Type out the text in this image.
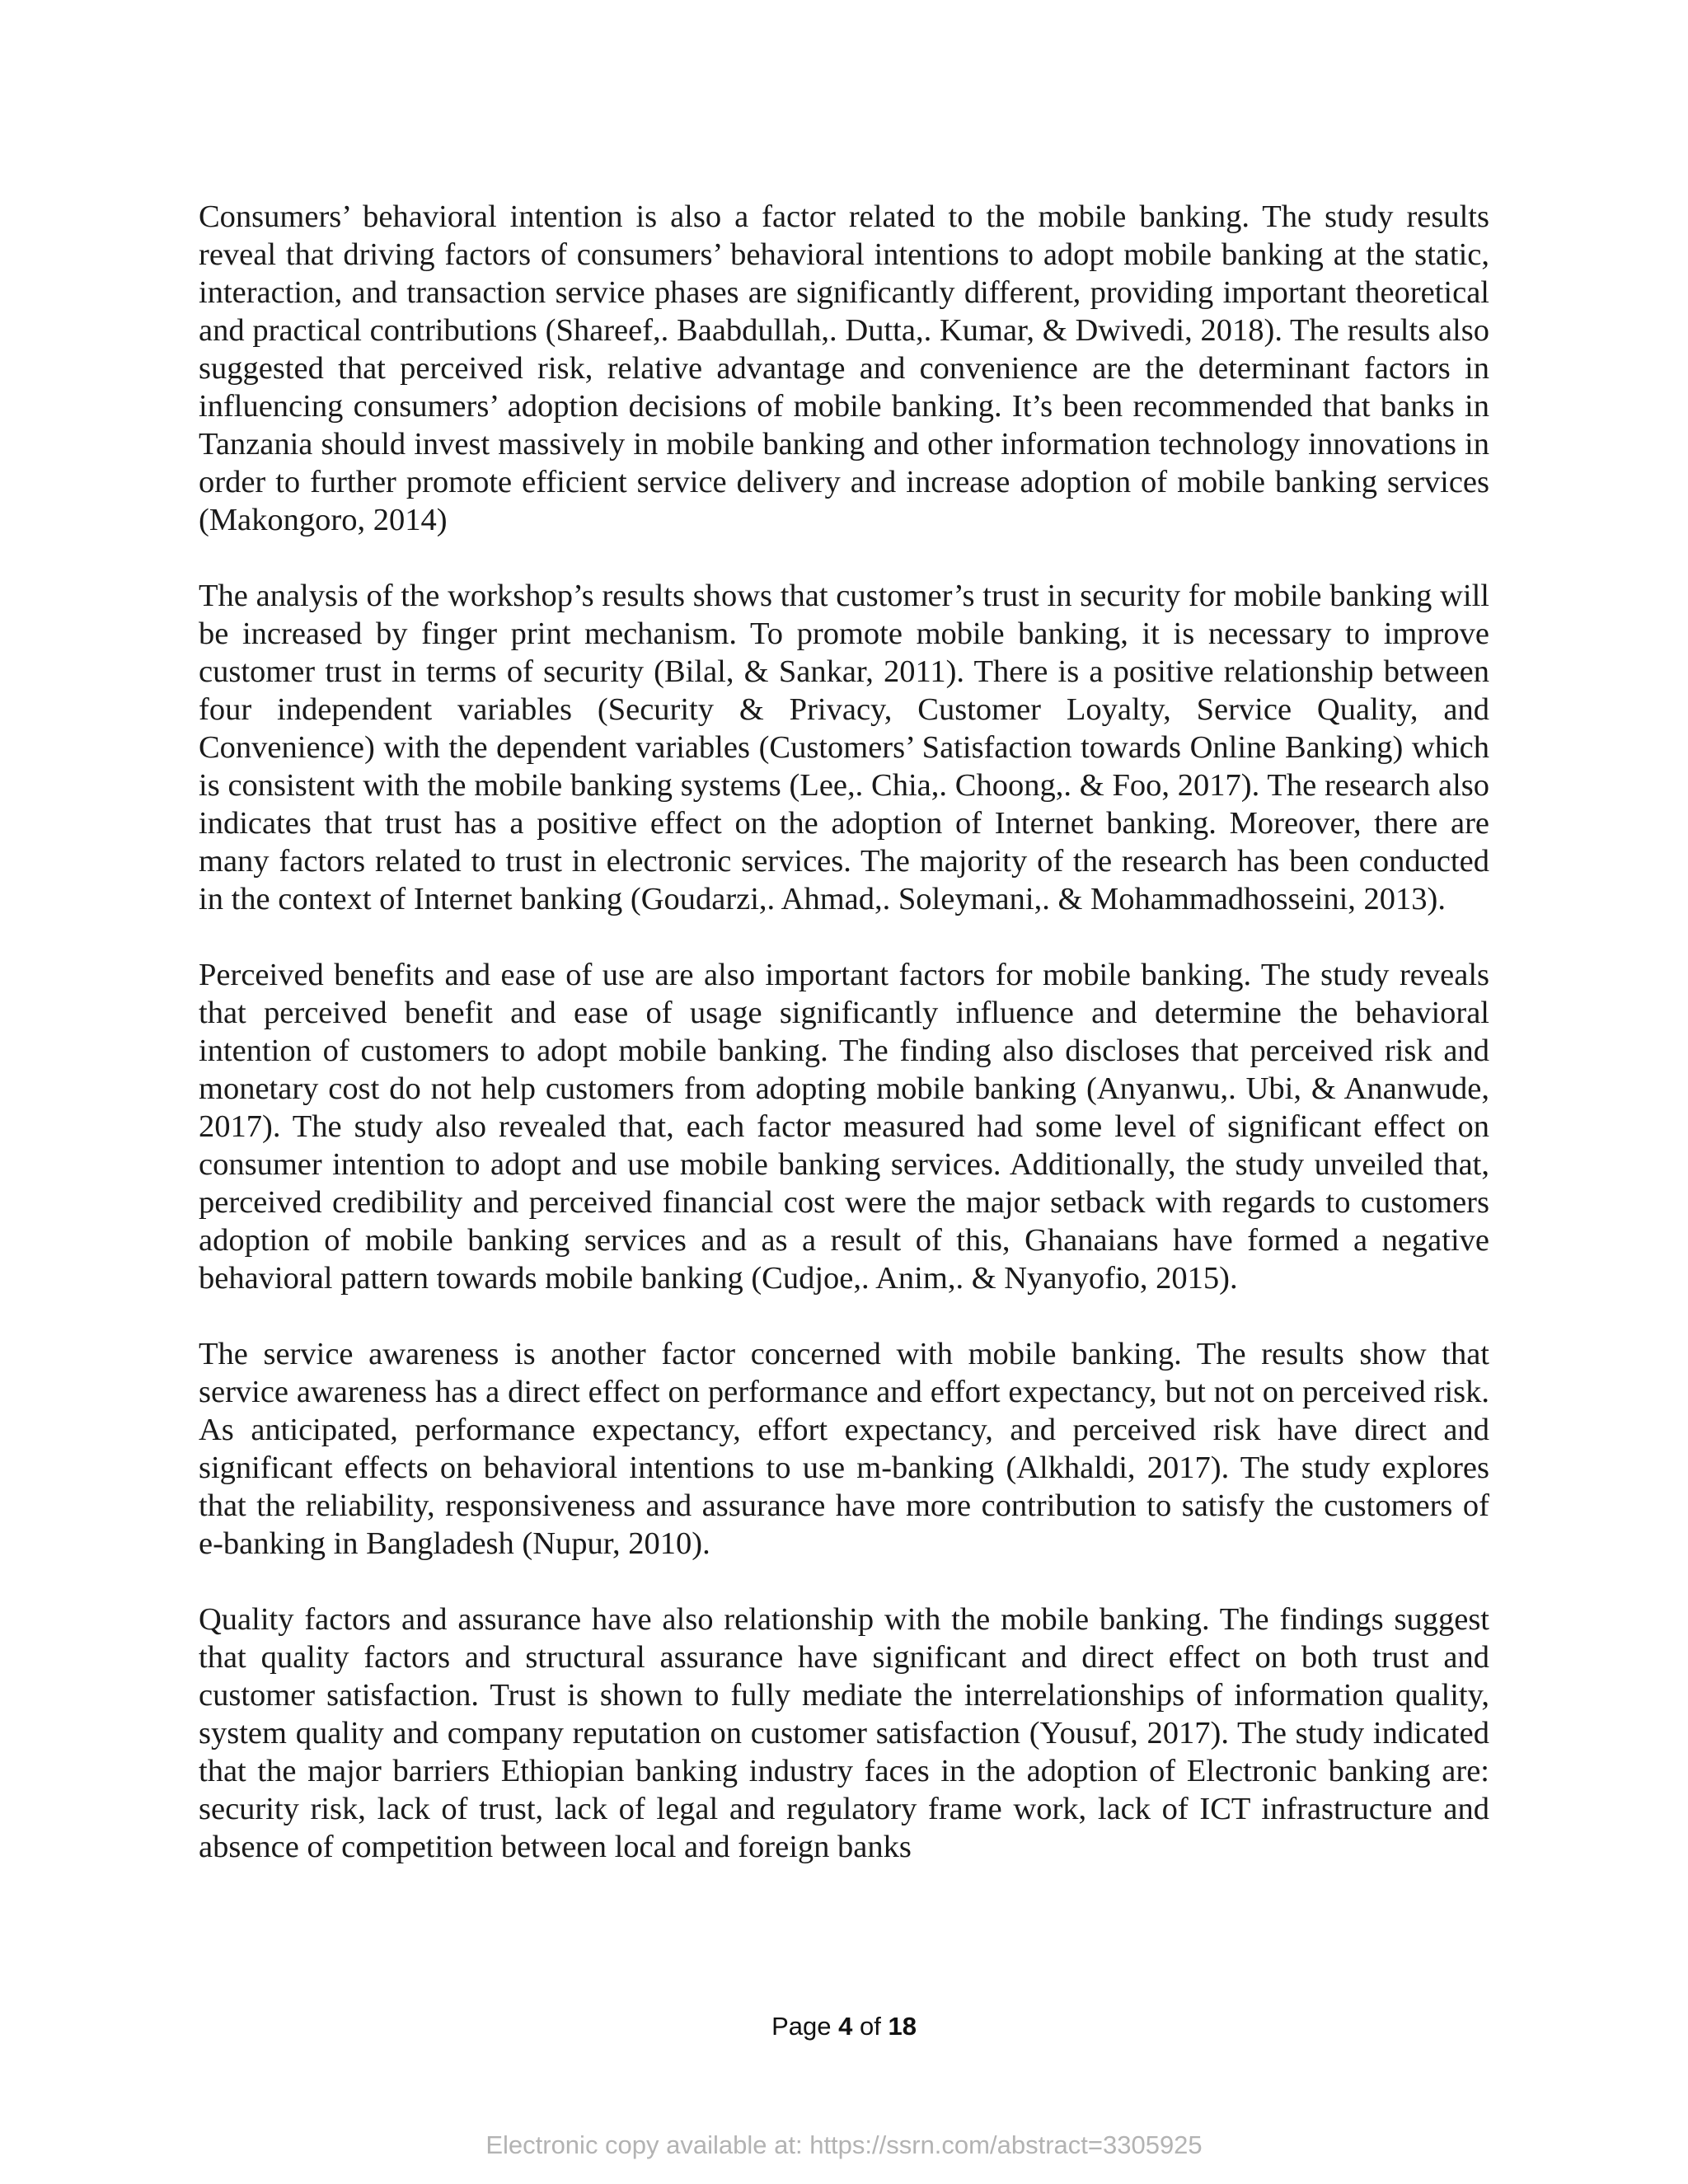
Consumers’ behavioral intention is also a factor related to the mobile banking. The study results reveal that driving factors of consumers’ behavioral intentions to adopt mobile banking at the static, interaction, and transaction service phases are significantly different, providing important theoretical and practical contributions (Shareef,. Baabdullah,. Dutta,. Kumar, & Dwivedi, 2018). The results also suggested that perceived risk, relative advantage and convenience are the determinant factors in influencing consumers’ adoption decisions of mobile banking. It’s been recommended that banks in Tanzania should invest massively in mobile banking and other information technology innovations in order to further promote efficient service delivery and increase adoption of mobile banking services (Makongoro, 2014)

The analysis of the workshop’s results shows that customer’s trust in security for mobile banking will be increased by finger print mechanism. To promote mobile banking, it is necessary to improve customer trust in terms of security (Bilal, & Sankar, 2011). There is a positive relationship between four independent variables (Security & Privacy, Customer Loyalty, Service Quality, and Convenience) with the dependent variables (Customers’ Satisfaction towards Online Banking) which is consistent with the mobile banking systems (Lee,. Chia,. Choong,. & Foo, 2017). The research also indicates that trust has a positive effect on the adoption of Internet banking. Moreover, there are many factors related to trust in electronic services. The majority of the research has been conducted in the context of Internet banking (Goudarzi,. Ahmad,. Soleymani,. & Mohammadhosseini, 2013).

Perceived benefits and ease of use are also important factors for mobile banking. The study reveals that perceived benefit and ease of usage significantly influence and determine the behavioral intention of customers to adopt mobile banking. The finding also discloses that perceived risk and monetary cost do not help customers from adopting mobile banking (Anyanwu,. Ubi, & Ananwude, 2017). The study also revealed that, each factor measured had some level of significant effect on consumer intention to adopt and use mobile banking services. Additionally, the study unveiled that, perceived credibility and perceived financial cost were the major setback with regards to customers adoption of mobile banking services and as a result of this, Ghanaians have formed a negative behavioral pattern towards mobile banking (Cudjoe,. Anim,. & Nyanyofio, 2015).

The service awareness is another factor concerned with mobile banking. The results show that service awareness has a direct effect on performance and effort expectancy, but not on perceived risk. As anticipated, performance expectancy, effort expectancy, and perceived risk have direct and significant effects on behavioral intentions to use m-banking (Alkhaldi, 2017). The study explores that the reliability, responsiveness and assurance have more contribution to satisfy the customers of e-banking in Bangladesh (Nupur, 2010).

Quality factors and assurance have also relationship with the mobile banking. The findings suggest that quality factors and structural assurance have significant and direct effect on both trust and customer satisfaction. Trust is shown to fully mediate the interrelationships of information quality, system quality and company reputation on customer satisfaction (Yousuf, 2017). The study indicated that the major barriers Ethiopian banking industry faces in the adoption of Electronic banking are: security risk, lack of trust, lack of legal and regulatory frame work, lack of ICT infrastructure and absence of competition between local and foreign banks

Page 4 of 18
Electronic copy available at: https://ssrn.com/abstract=3305925
